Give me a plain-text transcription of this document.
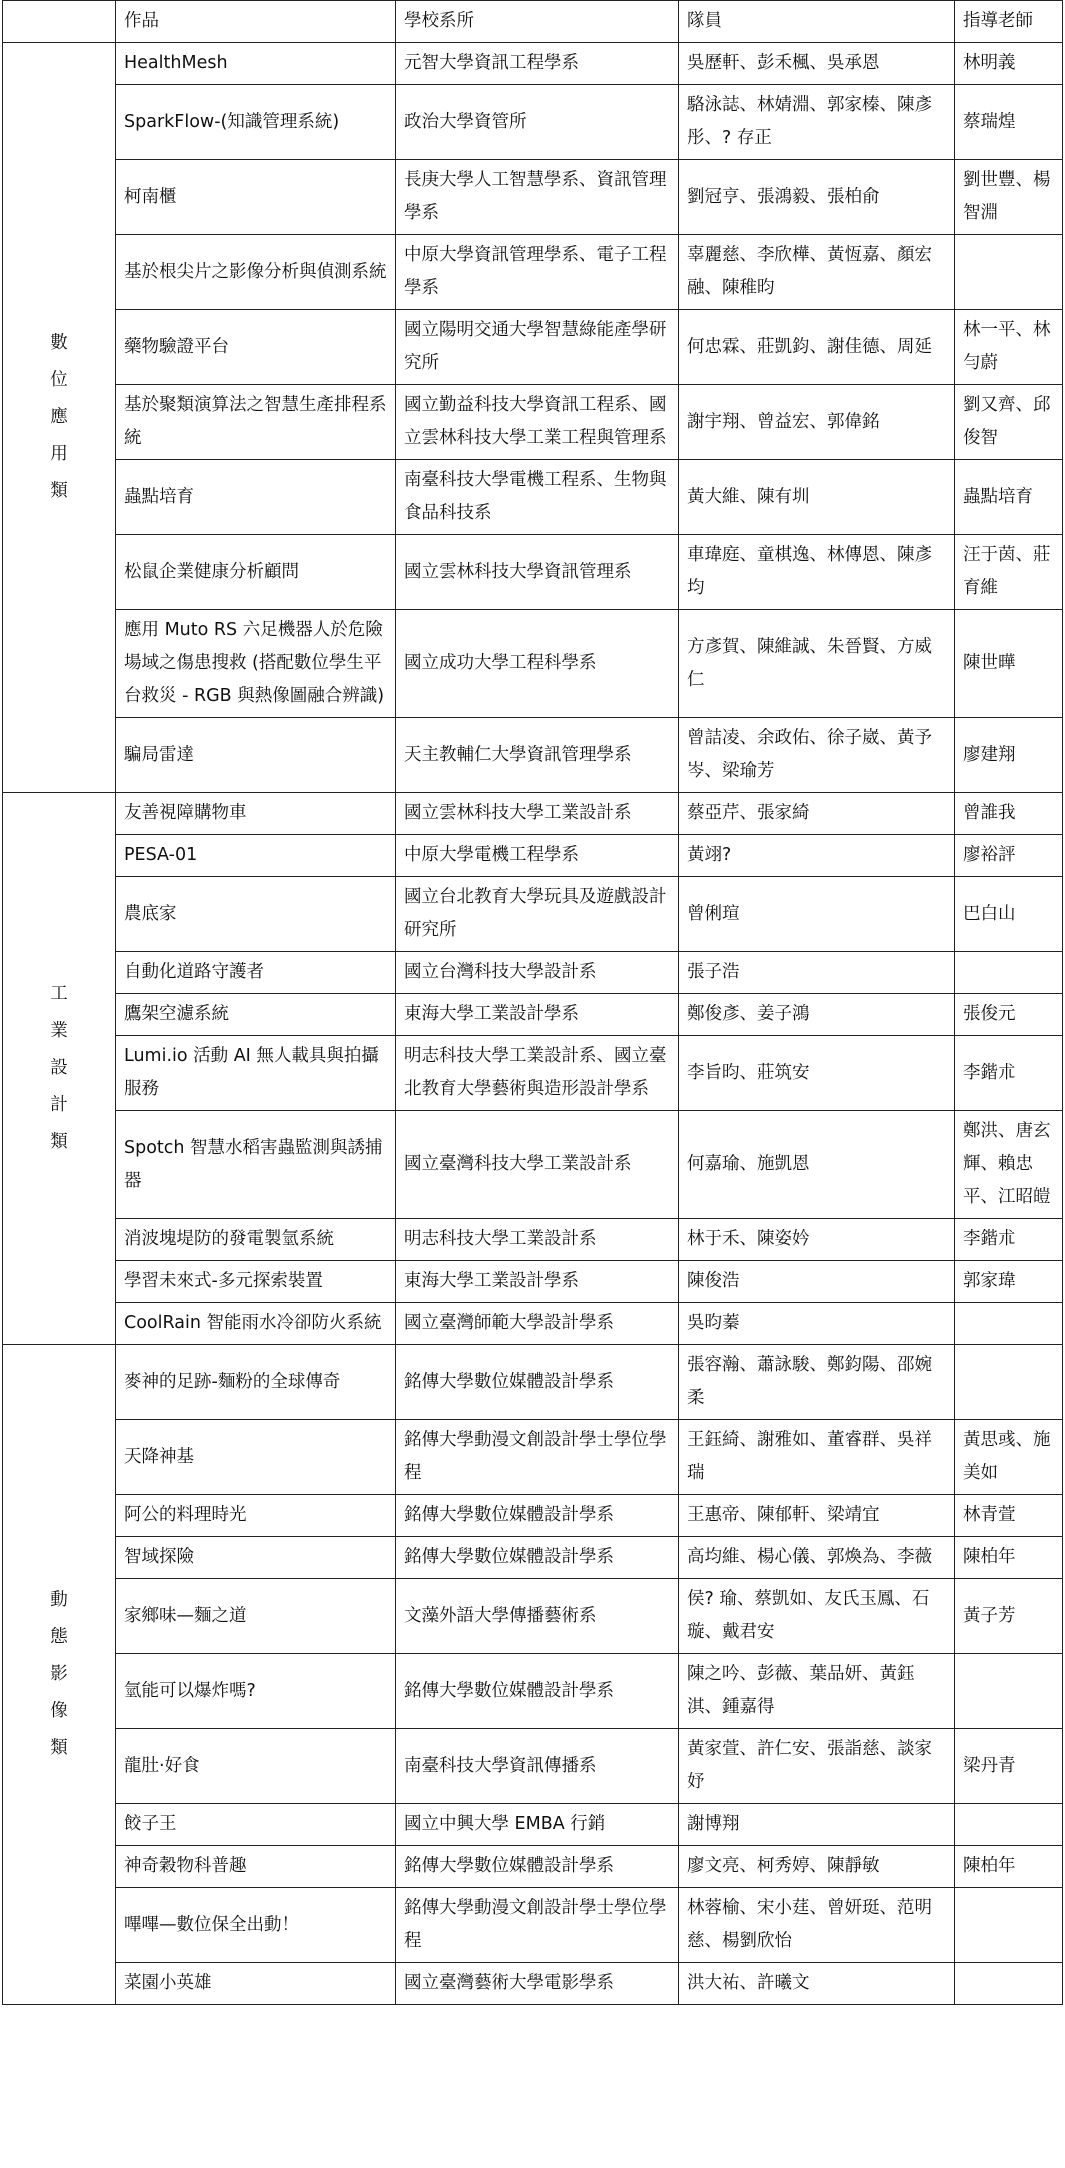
	作品	學校系所	隊員	指導老師
數位應用類	HealthMesh	元智大學資訊工程學系	吳歷軒、彭禾楓、吳承恩	林明義
	SparkFlow-(知識管理系統)	政治大學資管所	駱泳誌、林婧淵、郭家榛、陳彥彤、? 存正	蔡瑞煌
	柯南櫃	長庚大學人工智慧學系、資訊管理學系	劉冠亨、張鴻毅、張柏俞	劉世豐、楊智淵
	基於根尖片之影像分析與偵測系統	中原大學資訊管理學系、電子工程學系	辜麗慈、李欣樺、黃恆嘉、顏宏融、陳稚昀	
	藥物驗證平台	國立陽明交通大學智慧綠能產學研究所	何忠霖、莊凱鈞、謝佳德、周延	林一平、林勻蔚
	基於聚類演算法之智慧生產排程系統	國立勤益科技大學資訊工程系、國立雲林科技大學工業工程與管理系	謝宇翔、曾益宏、郭偉銘	劉又齊、邱俊智
	蟲點培育	南臺科技大學電機工程系、生物與食品科技系	黃大維、陳有圳	蟲點培育
	松鼠企業健康分析顧問	國立雲林科技大學資訊管理系	車瑋庭、童棋逸、林傳恩、陳彥均	汪于茵、莊育維
	應用 Muto RS 六足機器人於危險場域之傷患搜救 (搭配數位學生平台救災 - RGB 與熱像圖融合辨識)	國立成功大學工程科學系	方彥賀、陳維誠、朱晉賢、方威仁	陳世曄
	騙局雷達	天主教輔仁大學資訊管理學系	曾詰凌、余政佑、徐子崴、黃予岑、梁瑜芳	廖建翔
工業設計類	友善視障購物車	國立雲林科技大學工業設計系	蔡亞芹、張家綺	曾誰我
	PESA-01	中原大學電機工程學系	黃翊?	廖裕評
	農底家	國立台北教育大學玩具及遊戲設計研究所	曾俐瑄	巴白山
	自動化道路守護者	國立台灣科技大學設計系	張子浩	
	鷹架空濾系統	東海大學工業設計學系	鄭俊彥、姜子鴻	張俊元
	Lumi.io 活動 AI 無人載具與拍攝服務	明志科技大學工業設計系、國立臺北教育大學藝術與造形設計學系	李旨昀、莊筑安	李鍇朮
	Spotch 智慧水稻害蟲監測與誘捕器	國立臺灣科技大學工業設計系	何嘉瑜、施凱恩	鄭洪、唐玄輝、賴忠平、江昭皚
	消波塊堤防的發電製氫系統	明志科技大學工業設計系	林于禾、陳姿妗	李鍇朮
	學習未來式-多元探索裝置	東海大學工業設計學系	陳俊浩	郭家瑋
	CoolRain 智能雨水冷卻防火系統	國立臺灣師範大學設計學系	吳昀蓁	
動態影像類	麥神的足跡-麵粉的全球傳奇	銘傳大學數位媒體設計學系	張容瀚、蕭詠駿、鄭鈞陽、邵婉柔	
	天降神基	銘傳大學動漫文創設計學士學位學程	王鈺綺、謝雅如、董睿群、吳祥瑞	黃思彧、施美如
	阿公的料理時光	銘傳大學數位媒體設計學系	王惠帝、陳郁軒、梁靖宜	林青萱
	智域探險	銘傳大學數位媒體設計學系	高均維、楊心儀、郭煥為、李薇	陳柏年
	家鄉味—麵之道	文藻外語大學傳播藝術系	侯? 瑜、蔡凱如、友氏玉鳳、石璇、戴君安	黃子芳
	氫能可以爆炸嗎?	銘傳大學數位媒體設計學系	陳之吟、彭薇、葉品妍、黃鈺淇、鍾嘉得	
	龍肚·好食	南臺科技大學資訊傳播系	黃家萱、許仁安、張詣慈、談家妤	梁丹青
	餃子王	國立中興大學 EMBA 行銷	謝博翔	
	神奇穀物科普趣	銘傳大學數位媒體設計學系	廖文亮、柯秀婷、陳靜敏	陳柏年
	嗶嗶—數位保全出動！	銘傳大學動漫文創設計學士學位學程	林蓉榆、宋小莛、曾妍珽、范明慈、楊劉欣怡	
	菜園小英雄	國立臺灣藝術大學電影學系	洪大祐、許曦文	
